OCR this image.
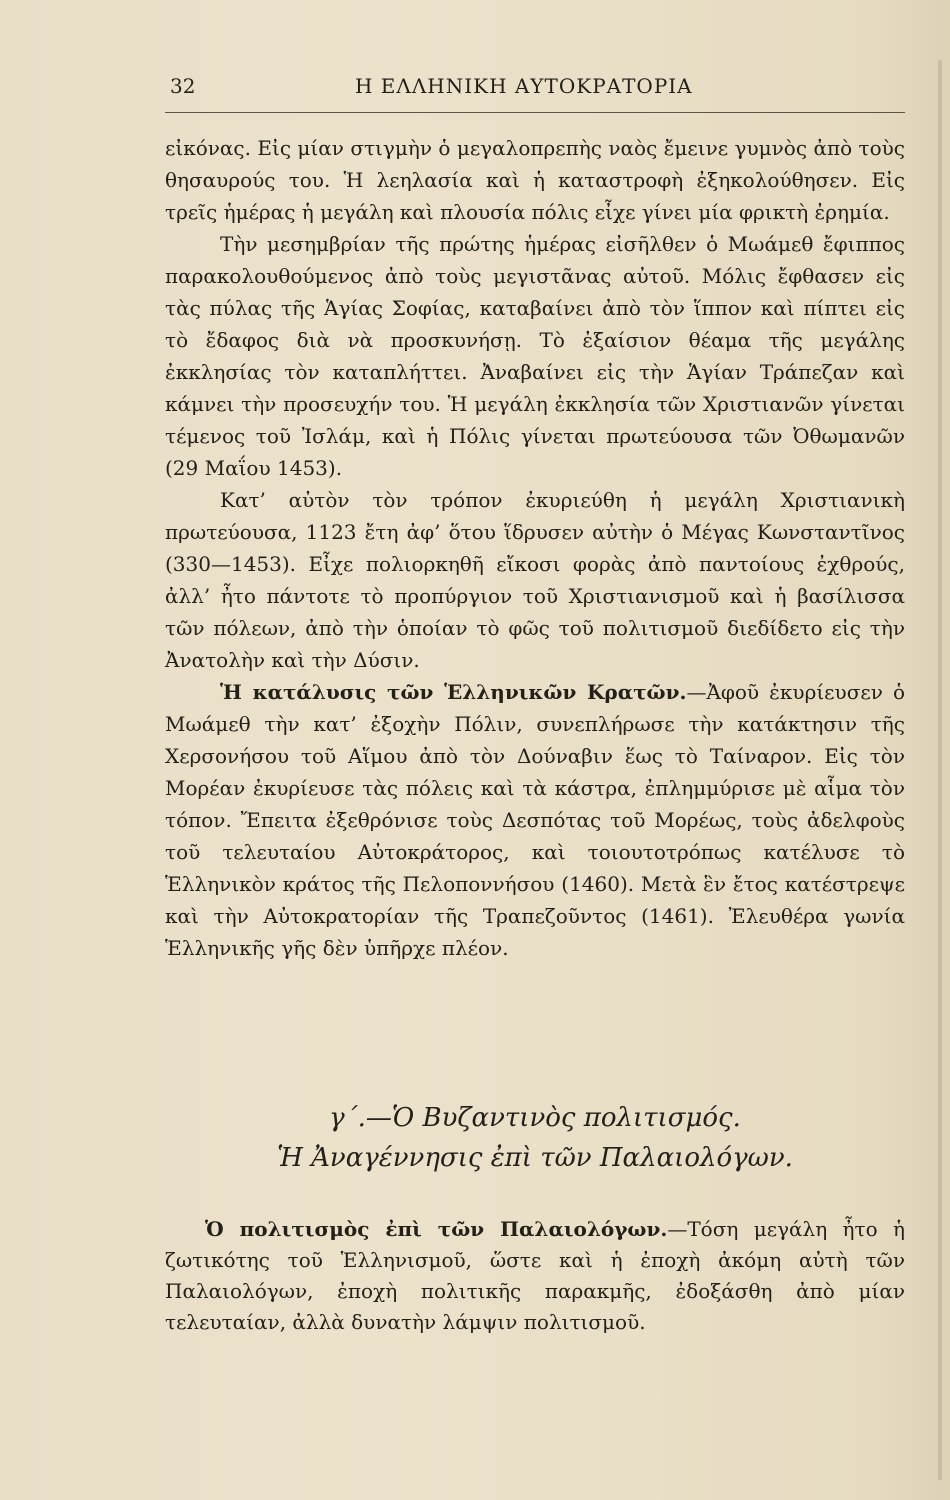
32	Η ΕΛΛΗΝΙΚΗ ΑΥΤΟΚΡΑΤΟΡΙΑ

εἰκόνας. Εἰς μίαν στιγμὴν ὁ μεγαλοπρεπὴς ναὸς ἔμεινε γυμνὸς ἀπὸ τοὺς θησαυρούς του. Ἡ λεηλασία καὶ ἡ καταστροφὴ ἐξηκολούθησεν. Εἰς τρεῖς ἡμέρας ἡ μεγάλη καὶ πλουσία πόλις εἶχε γίνει μία φρικτὴ ἐρημία.

Τὴν μεσημβρίαν τῆς πρώτης ἡμέρας εἰσῆλθεν ὁ Μωάμεθ ἔφιππος παρακολουθούμενος ἀπὸ τοὺς μεγιστᾶνας αὐτοῦ. Μόλις ἔφθασεν εἰς τὰς πύλας τῆς Ἁγίας Σοφίας, καταβαίνει ἀπὸ τὸν ἵππον καὶ πίπτει εἰς τὸ ἔδαφος διὰ νὰ προσκυνήσῃ. Τὸ ἐξαίσιον θέαμα τῆς μεγάλης ἐκκλησίας τὸν καταπλήττει. Ἀναβαίνει εἰς τὴν Ἁγίαν Τράπεζαν καὶ κάμνει τὴν προσευχήν του. Ἡ μεγάλη ἐκκλησία τῶν Χριστιανῶν γίνεται τέμενος τοῦ Ἰσλάμ, καὶ ἡ Πόλις γίνεται πρωτεύουσα τῶν Ὀθωμανῶν (29 Μαΐου 1453).

Κατ’ αὐτὸν τὸν τρόπον ἐκυριεύθη ἡ μεγάλη Χριστιανικὴ πρωτεύουσα, 1123 ἔτη ἀφ’ ὅτου ἵδρυσεν αὐτὴν ὁ Μέγας Κωνσταντῖνος (330—1453). Εἶχε πολιορκηθῆ εἴκοσι φορὰς ἀπὸ παντοίους ἐχθρούς, ἀλλ’ ἦτο πάντοτε τὸ προπύργιον τοῦ Χριστιανισμοῦ καὶ ἡ βασίλισσα τῶν πόλεων, ἀπὸ τὴν ὁποίαν τὸ φῶς τοῦ πολιτισμοῦ διεδίδετο εἰς τὴν Ἀνατολὴν καὶ τὴν Δύσιν.

Ἡ κατάλυσις τῶν Ἑλληνικῶν Κρατῶν.—Ἀφοῦ ἐκυρίευσεν ὁ Μωάμεθ τὴν κατ’ ἐξοχὴν Πόλιν, συνεπλήρωσε τὴν κατάκτησιν τῆς Χερσονήσου τοῦ Αἵμου ἀπὸ τὸν Δούναβιν ἕως τὸ Ταίναρον. Εἰς τὸν Μορέαν ἐκυρίευσε τὰς πόλεις καὶ τὰ κάστρα, ἐπλημμύρισε μὲ αἷμα τὸν τόπον. Ἔπειτα ἐξεθρόνισε τοὺς Δεσπότας τοῦ Μορέως, τοὺς ἀδελφοὺς τοῦ τελευταίου Αὐτοκράτορος, καὶ τοιουτοτρόπως κατέλυσε τὸ Ἑλληνικὸν κράτος τῆς Πελοποννήσου (1460). Μετὰ ἓν ἔτος κατέστρεψε καὶ τὴν Αὐτοκρατορίαν τῆς Τραπεζοῦντος (1461). Ἐλευθέρα γωνία Ἑλληνικῆς γῆς δὲν ὑπῆρχε πλέον.

γ´.—Ὁ Βυζαντινὸς πολιτισμός.
Ἡ Ἀναγέννησις ἐπὶ τῶν Παλαιολόγων.

Ὁ πολιτισμὸς ἐπὶ τῶν Παλαιολόγων.—Τόση μεγάλη ἦτο ἡ ζωτικότης τοῦ Ἑλληνισμοῦ, ὥστε καὶ ἡ ἐποχὴ ἀκόμη αὐτὴ τῶν Παλαιολόγων, ἐποχὴ πολιτικῆς παρακμῆς, ἐδοξάσθη ἀπὸ μίαν τελευταίαν, ἀλλὰ δυνατὴν λάμψιν πολιτισμοῦ.
